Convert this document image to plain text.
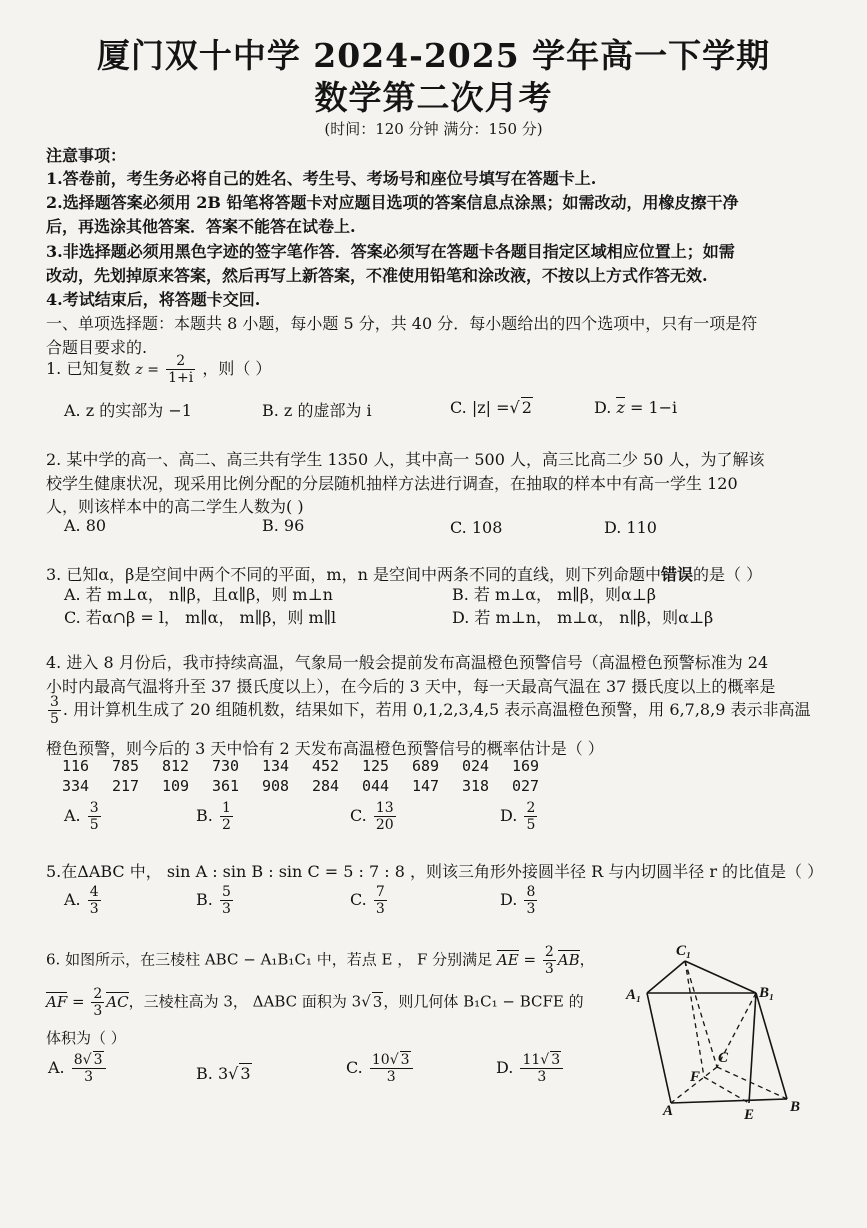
厦门双十中学 2024-2025 学年高一下学期
数学第二次月考
(时间：120 分钟 满分：150 分)
注意事项：
1.答卷前，考生务必将自己的姓名、考生号、考场号和座位号填写在答题卡上.
2.选择题答案必须用 2B 铅笔将答题卡对应题目选项的答案信息点涂黑；如需改动，用橡皮擦干净
后，再选涂其他答案．答案不能答在试卷上.
3.非选择题必须用黑色字迹的签字笔作答．答案必须写在答题卡各题目指定区域相应位置上；如需
改动，先划掉原来答案，然后再写上新答案，不准使用铅笔和涂改液，不按以上方式作答无效.
4.考试结束后，将答题卡交回.
一、单项选择题：本题共 8 小题，每小题 5 分，共 40 分．每小题给出的四个选项中，只有一项是符
合题目要求的.
1. 已知复数 $z = \frac{2}{1+i}$ ，则（ ）
A. z 的实部为 −1	B. z 的虚部为 i	C. |z| =√ 2	D. z = 1−i
2. 某中学的高一、高二、高三共有学生 1350 人，其中高一 500 人，高三比高二少 50 人，为了解该
校学生健康状况，现采用比例分配的分层随机抽样方法进行调查，在抽取的样本中有高一学生 120
人，则该样本中的高二学生人数为( )
A. 80	B. 96	C. 108	D. 110
3. 已知α，β是空间中两个不同的平面，m，n 是空间中两条不同的直线，则下列命题中错误的是（ ）
A. 若 m⊥α， n∥β，且α∥β，则 m⊥n	B. 若 m⊥α， m∥β，则α⊥β
C. 若α∩β = l， m∥α， m∥β，则 m∥l	D. 若 m⊥n， m⊥α， n∥β，则α⊥β
4. 进入 8 月份后，我市持续高温，气象局一般会提前发布高温橙色预警信号（高温橙色预警标准为 24
小时内最高气温将升至 37 摄氏度以上），在今后的 3 天中，每一天最高气温在 37 摄氏度以上的概率是
$\frac{3}{5}$ . 用计算机生成了 20 组随机数，结果如下，若用 0,1,2,3,4,5 表示高温橙色预警，用 6,7,8,9 表示非高温
橙色预警，则今后的 3 天中恰有 2 天发布高温橙色预警信号的概率估计是（ ）
116 785 812 730 134 452 125 689 024 169
334 217 109 361 908 284 044 147 318 027
A. $\frac{3}{5}$	B. $\frac{1}{2}$	C. $\frac{13}{20}$	D. $\frac{2}{5}$
5.在ΔABC 中， sin A : sin B : sin C = 5 : 7 : 8 ，则该三角形外接圆半径 R 与内切圆半径 r 的比值是（ ）
A. $\frac{4}{3}$	B. $\frac{5}{3}$	C. $\frac{7}{3}$	D. $\frac{8}{3}$
6. 如图所示，在三棱柱 ABC − A₁B₁C₁ 中，若点 E ， F 分别满足 AE = $\frac{2}{3}$ AB，
AF = $\frac{2}{3}$ AC，三棱柱高为 3， ΔABC 面积为 3√ 3，则几何体 B₁C₁ − BCFE 的
体积为（ ）
A. $\frac{8√ 3}{3}$	B. 3√ 3	C. $\frac{10√ 3}{3}$	D. $\frac{11√ 3}{3}$
C₁
A₁	B₁
C
F
A	E B
